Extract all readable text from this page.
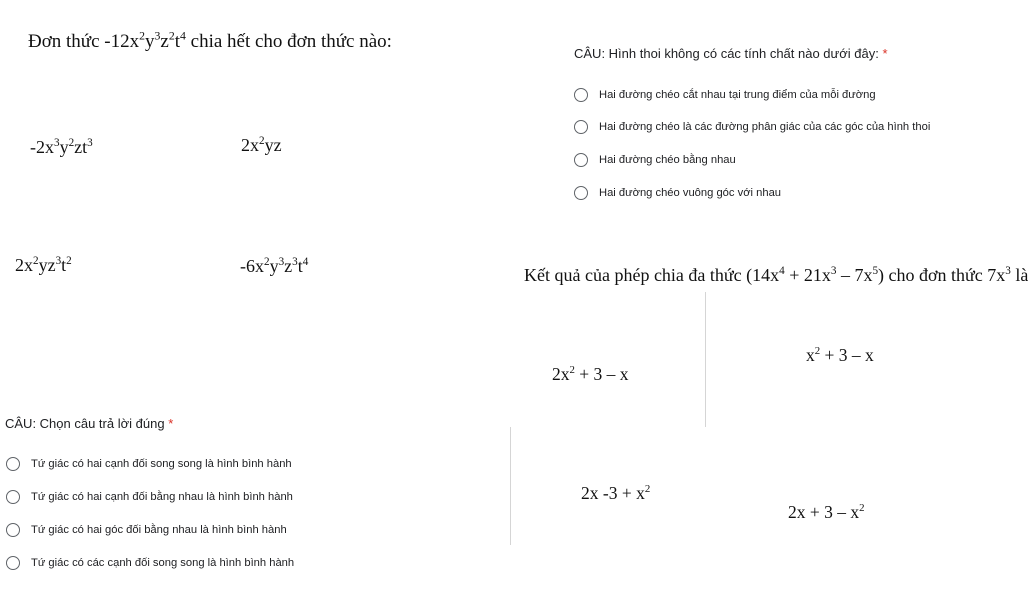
Đơn thức $-12x^2y^3z^2t^4$ chia hết cho đơn thức nào:
$-2x^3y^2zt^3$	$2x^2yz$
$2x^2yz^3t^2$	$-6x^2y^3z^3t^4$
CÂU: Hình thoi không có các tính chất nào dưới đây: *
Hai đường chéo cắt nhau tại trung điểm của mỗi đường
Hai đường chéo là các đường phân giác của các góc của hình thoi
Hai đường chéo bằng nhau
Hai đường chéo vuông góc với nhau
Kết quả của phép chia đa thức $(14x^4 + 21x^3 - 7x^5)$ cho đơn thức $7x^3$ là
$2x^2 + 3 - x$
$x^2 + 3 - x$
2x $-3 + x^2$
$2x + 3 - x^2$
CÂU: Chọn câu trả lời đúng *
Tứ giác có hai cạnh đối song song là hình bình hành
Tứ giác có hai cạnh đối bằng nhau là hình bình hành
Tứ giác có hai góc đối bằng nhau là hình bình hành
Tứ giác có các cạnh đối song song là hình bình hành
